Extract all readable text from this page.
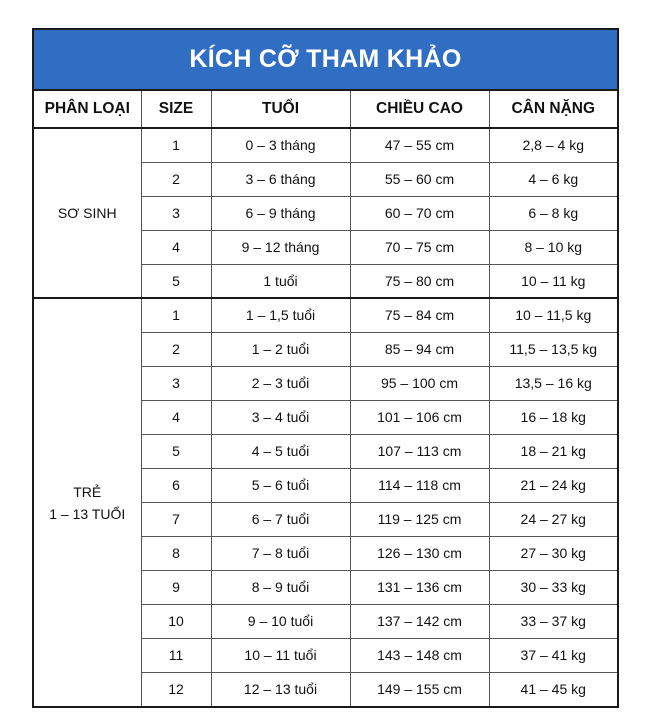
KÍCH CỠ THAM KHẢO
PHÂN LOẠI	SIZE	TUỔI	CHIỀU CAO	CÂN NẶNG

SƠ SINH	1	0 – 3 tháng	47 – 55 cm	2,8 – 4 kg
	2	3 – 6 tháng	55 – 60 cm	4 – 6 kg
	3	6 – 9 tháng	60 – 70 cm	6 – 8 kg
	4	9 – 12 tháng	70 – 75 cm	8 – 10 kg
	5	1 tuổi	75 – 80 cm	10 – 11 kg

TRẺ
1 – 13 TUỔI	1	1 – 1,5 tuổi	75 – 84 cm	10 – 11,5 kg
	2	1 – 2 tuổi	85 – 94 cm	11,5 – 13,5 kg
	3	2 – 3 tuổi	95 – 100 cm	13,5 – 16 kg
	4	3 – 4 tuổi	101 – 106 cm	16 – 18 kg
	5	4 – 5 tuổi	107 – 113 cm	18 – 21 kg
	6	5 – 6 tuổi	114 – 118 cm	21 – 24 kg
	7	6 – 7 tuổi	119 – 125 cm	24 – 27 kg
	8	7 – 8 tuổi	126 – 130 cm	27 – 30 kg
	9	8 – 9 tuổi	131 – 136 cm	30 – 33 kg
	10	9 – 10 tuổi	137 – 142 cm	33 – 37 kg
	11	10 – 11 tuổi	143 – 148 cm	37 – 41 kg
	12	12 – 13 tuổi	149 – 155 cm	41 – 45 kg
